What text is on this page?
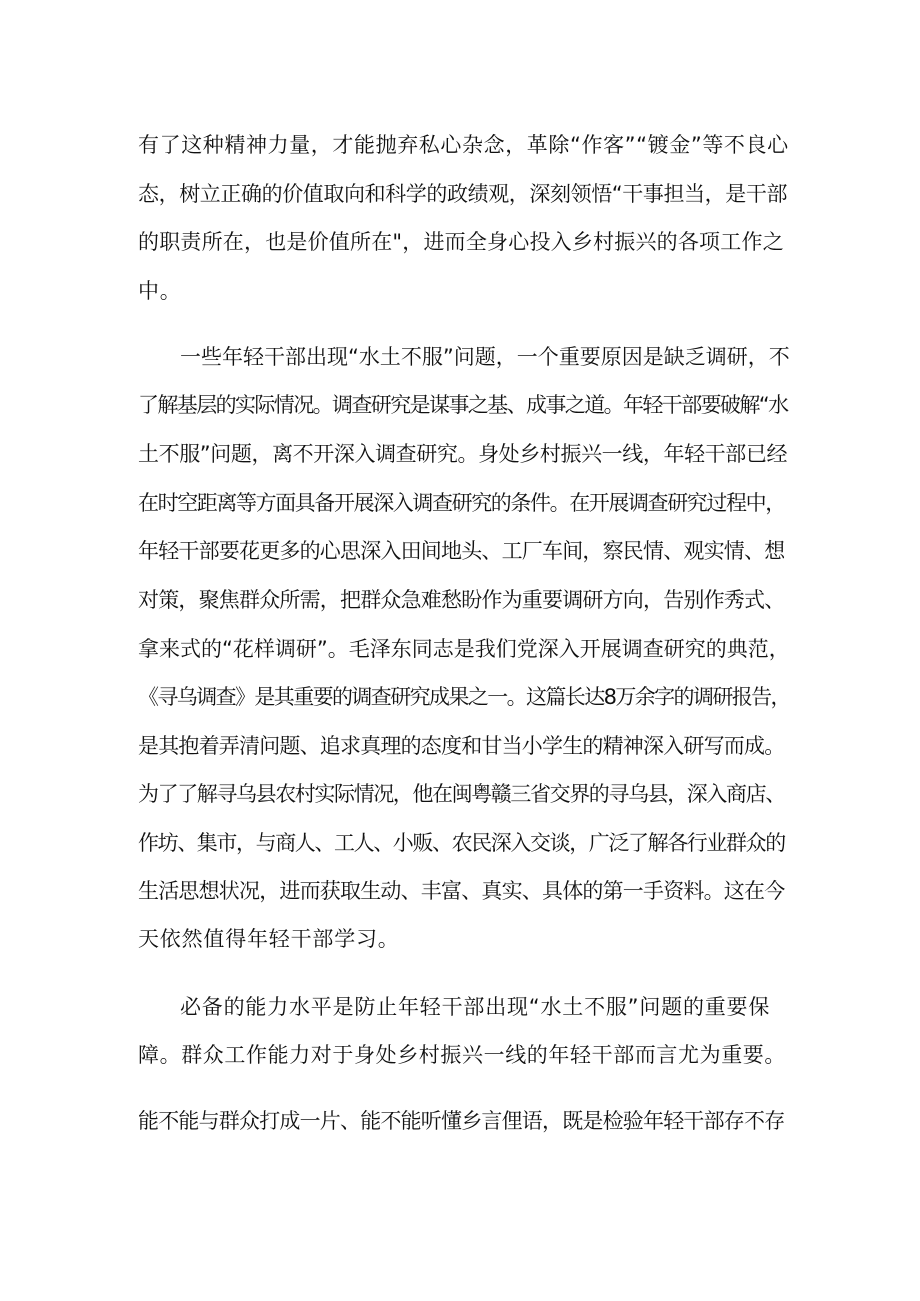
有了这种精神力量，才能抛弃私心杂念，革除“作客”“镀金”等不良心
态，树立正确的价值取向和科学的政绩观，深刻领悟“干事担当，是干部
的职责所在，也是价值所在"，进而全身心投入乡村振兴的各项工作之
中。
一些年轻干部出现“水土不服”问题，一个重要原因是缺乏调研，不
了解基层的实际情况。调查研究是谋事之基、成事之道。年轻干部要破解“水
土不服”问题，离不开深入调查研究。身处乡村振兴一线，年轻干部已经
在时空距离等方面具备开展深入调查研究的条件。在开展调查研究过程中，
年轻干部要花更多的心思深入田间地头、工厂车间，察民情、观实情、想
对策，聚焦群众所需，把群众急难愁盼作为重要调研方向，告别作秀式、
拿来式的“花样调研”。毛泽东同志是我们党深入开展调查研究的典范，
《寻乌调查》是其重要的调查研究成果之一。这篇长达8万余字的调研报告，
是其抱着弄清问题、追求真理的态度和甘当小学生的精神深入研写而成。
为了了解寻乌县农村实际情况，他在闽粤赣三省交界的寻乌县，深入商店、
作坊、集市，与商人、工人、小贩、农民深入交谈，广泛了解各行业群众的
生活思想状况，进而获取生动、丰富、真实、具体的第一手资料。这在今
天依然值得年轻干部学习。
必备的能力水平是防止年轻干部出现“水土不服”问题的重要保
障。群众工作能力对于身处乡村振兴一线的年轻干部而言尤为重要。
能不能与群众打成一片、能不能听懂乡言俚语，既是检验年轻干部存不存
